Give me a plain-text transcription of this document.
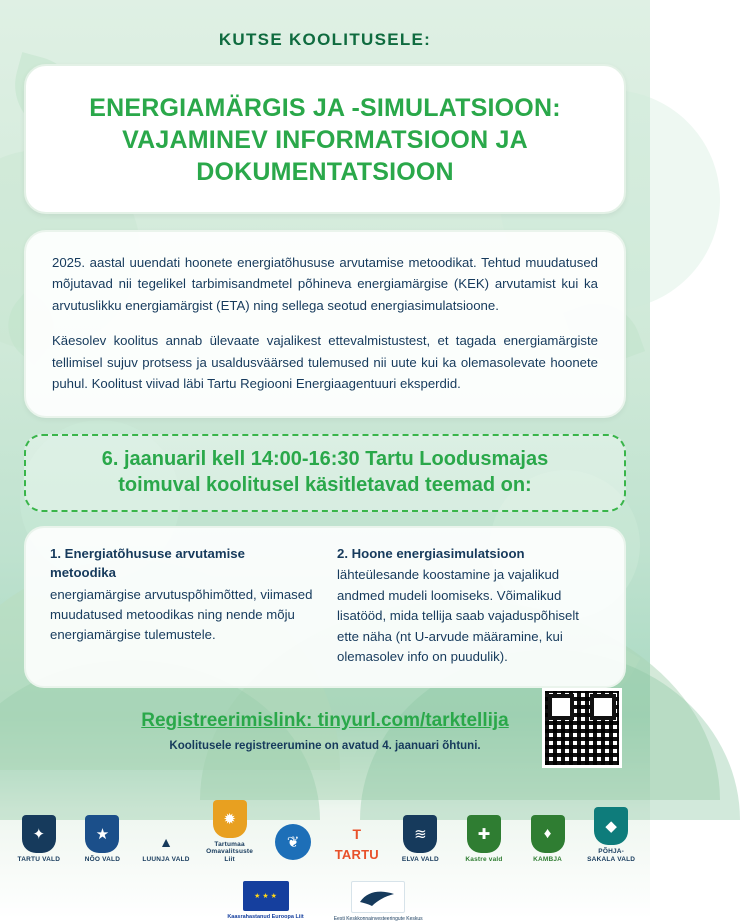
KUTSE KOOLITUSELE:
ENERGIAMÄRGIS JA -SIMULATSIOON:
VAJAMINEV INFORMATSIOON JA
DOKUMENTATSIOON

2025. aastal uuendati hoonete energiatõhususe arvutamise metoodikat. Tehtud muudatused mõjutavad nii tegelikel tarbimisandmetel põhineva energiamärgise (KEK) arvutamist kui ka arvutuslikku energiamärgist (ETA) ning sellega seotud energiasimulatsioone.

Käesolev koolitus annab ülevaate vajalikest ettevalmistustest, et tagada energiamärgiste tellimisel sujuv protsess ja usaldusväärsed tulemused nii uute kui ka olemasolevate hoonete puhul. Koolitust viivad läbi Tartu Regiooni Energiaagentuuri eksperdid.

6. jaanuaril kell 14:00-16:30 Tartu Loodusmajas
toimuval koolitusel käsitletavad teemad on:
1. Energiatõhususe arvutamise metoodika
energiamärgise arvutuspõhimõtted, viimased muudatused metoodikas ning nende mõju energiamärgise tulemustele.
2. Hoone energiasimulatsioon
lähteülesande koostamine ja vajalikud andmed mudeli loomiseks. Võimalikud lisatööd, mida tellija saab vajaduspõhiselt ette näha (nt U-arvude määramine, kui olemasolev info on puudulik).
Registreerimislink: tinyurl.com/tarktellija
Koolitusele registreerumine on avatud 4. jaanuari õhtuni.
✦
TARTU VALD
★
NÕO VALD
▲
LUUNJA VALD
✹
Tartumaa Omavalitsuste Liit
❦	T
TARTU
≋
ELVA VALD
✚
Kastre vald
♦
KAMBJA
◆
PÕHJA-SAKALA VALD
★ ★ ★
Kaasrahastanud Euroopa Liit	Eesti Keskkonnainvesteeringute Keskus
